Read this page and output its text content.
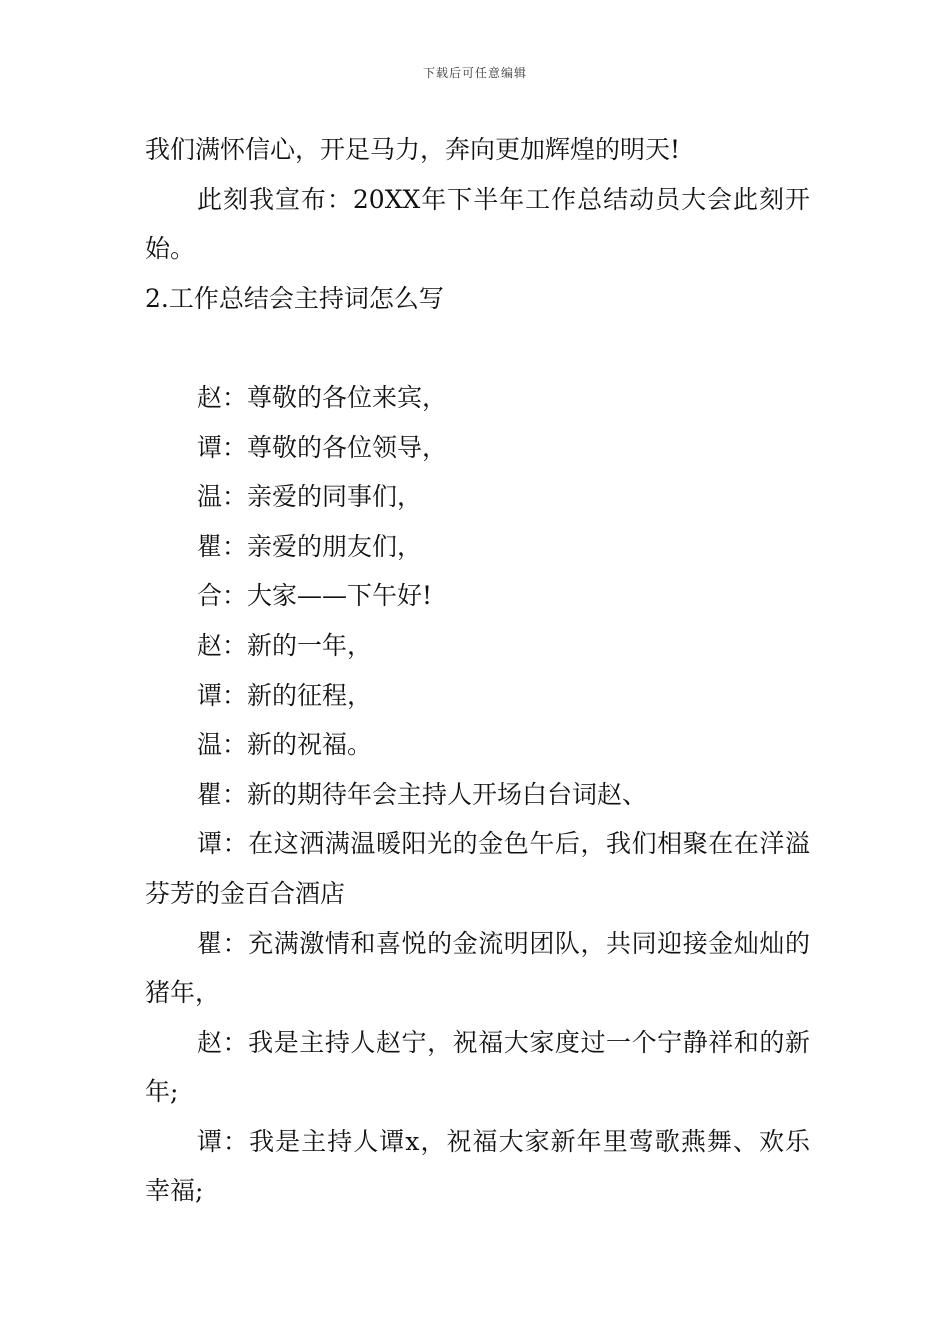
下载后可任意编辑

我们满怀信心，开足马力，奔向更加辉煌的明天!

此刻我宣布：20XX年下半年工作总结动员大会此刻开始。

2.工作总结会主持词怎么写

赵：尊敬的各位来宾，

谭：尊敬的各位领导，

温：亲爱的同事们，

瞿：亲爱的朋友们，

合：大家——下午好!

赵：新的一年，

谭：新的征程，

温：新的祝福。

瞿：新的期待年会主持人开场白台词赵、

谭：在这洒满温暖阳光的金色午后，我们相聚在在洋溢芬芳的金百合酒店

瞿：充满激情和喜悦的金流明团队，共同迎接金灿灿的猪年，

赵：我是主持人赵宁，祝福大家度过一个宁静祥和的新年;

谭：我是主持人谭x，祝福大家新年里莺歌燕舞、欢乐幸福;
